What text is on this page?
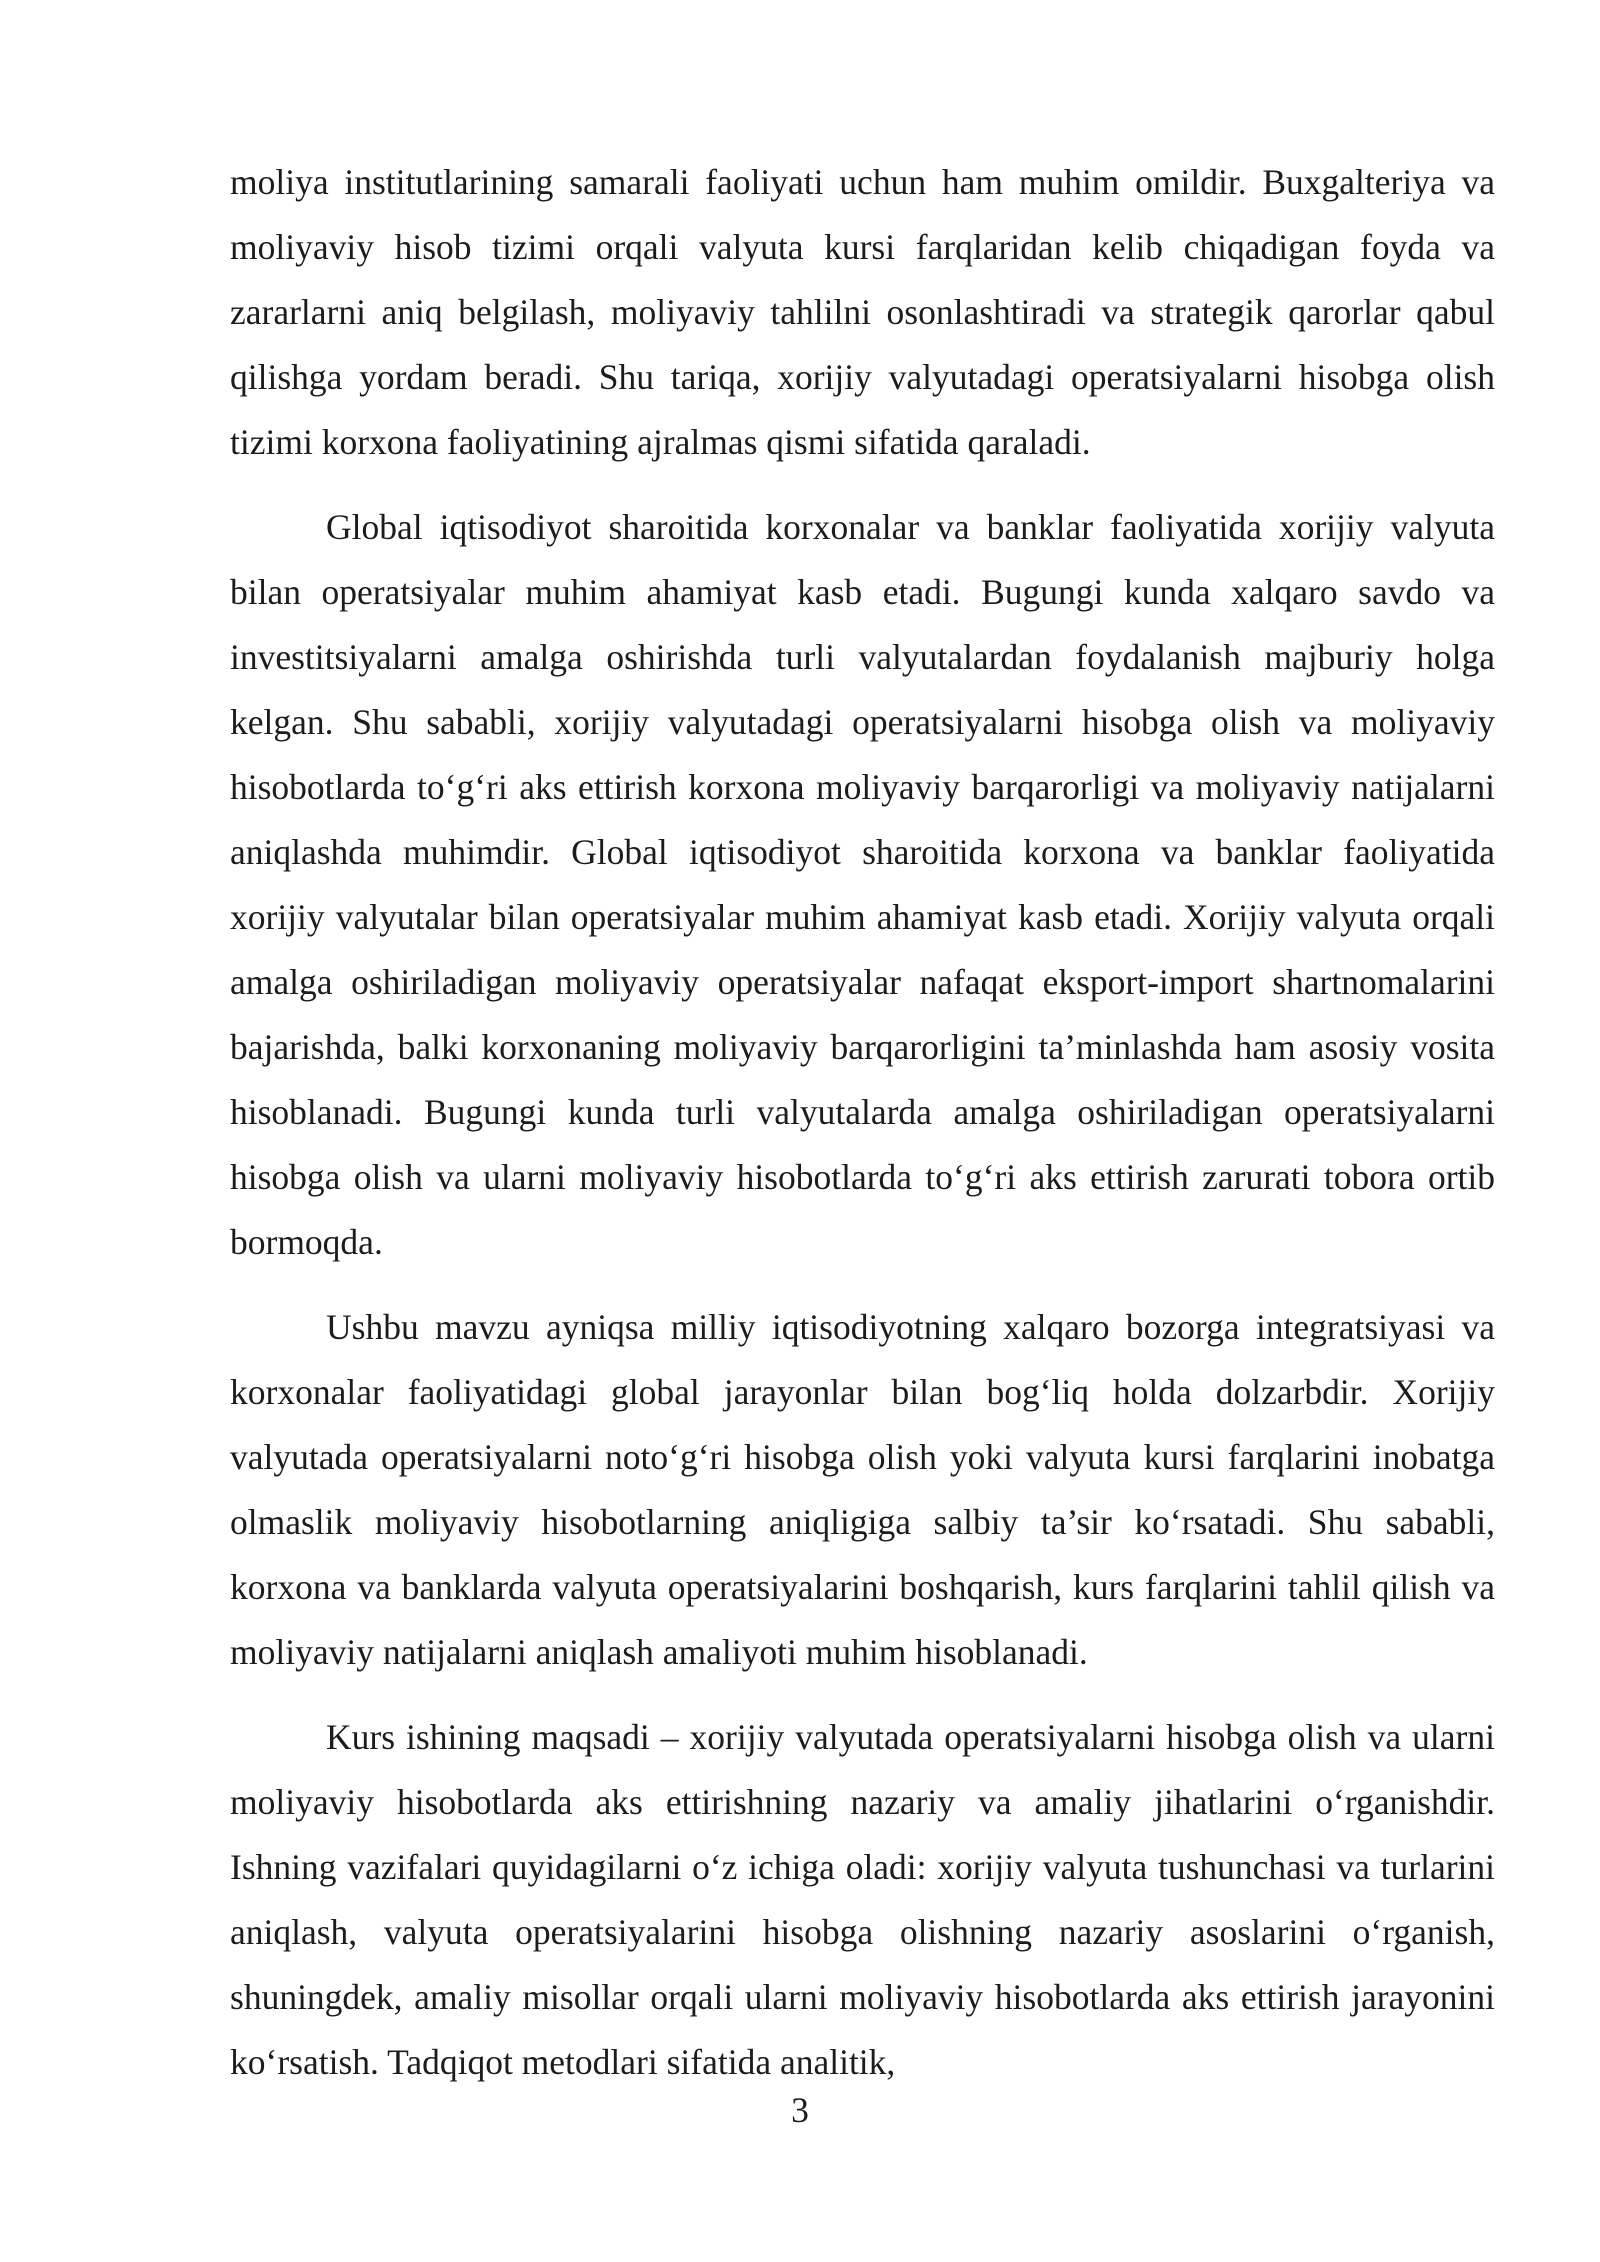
moliya institutlarining samarali faoliyati uchun ham muhim omildir. Buxgalteriya va moliyaviy hisob tizimi orqali valyuta kursi farqlaridan kelib chiqadigan foyda va zararlarni aniq belgilash, moliyaviy tahlilni osonlashtiradi va strategik qarorlar qabul qilishga yordam beradi. Shu tariqa, xorijiy valyutadagi operatsiyalarni hisobga olish tizimi korxona faoliyatining ajralmas qismi sifatida qaraladi.

Global iqtisodiyot sharoitida korxonalar va banklar faoliyatida xorijiy valyuta bilan operatsiyalar muhim ahamiyat kasb etadi. Bugungi kunda xalqaro savdo va investitsiyalarni amalga oshirishda turli valyutalardan foydalanish majburiy holga kelgan. Shu sababli, xorijiy valyutadagi operatsiyalarni hisobga olish va moliyaviy hisobotlarda to‘g‘ri aks ettirish korxona moliyaviy barqarorligi va moliyaviy natijalarni aniqlashda muhimdir. Global iqtisodiyot sharoitida korxona va banklar faoliyatida xorijiy valyutalar bilan operatsiyalar muhim ahamiyat kasb etadi. Xorijiy valyuta orqali amalga oshiriladigan moliyaviy operatsiyalar nafaqat eksport-import shartnomalarini bajarishda, balki korxonaning moliyaviy barqarorligini ta’minlashda ham asosiy vosita hisoblanadi. Bugungi kunda turli valyutalarda amalga oshiriladigan operatsiyalarni hisobga olish va ularni moliyaviy hisobotlarda to‘g‘ri aks ettirish zarurati tobora ortib bormoqda.

Ushbu mavzu ayniqsa milliy iqtisodiyotning xalqaro bozorga integratsiyasi va korxonalar faoliyatidagi global jarayonlar bilan bog‘liq holda dolzarbdir. Xorijiy valyutada operatsiyalarni noto‘g‘ri hisobga olish yoki valyuta kursi farqlarini inobatga olmaslik moliyaviy hisobotlarning aniqligiga salbiy ta’sir ko‘rsatadi. Shu sababli, korxona va banklarda valyuta operatsiyalarini boshqarish, kurs farqlarini tahlil qilish va moliyaviy natijalarni aniqlash amaliyoti muhim hisoblanadi.

Kurs ishining maqsadi – xorijiy valyutada operatsiyalarni hisobga olish va ularni moliyaviy hisobotlarda aks ettirishning nazariy va amaliy jihatlarini o‘rganishdir. Ishning vazifalari quyidagilarni o‘z ichiga oladi: xorijiy valyuta tushunchasi va turlarini aniqlash, valyuta operatsiyalarini hisobga olishning nazariy asoslarini o‘rganish, shuningdek, amaliy misollar orqali ularni moliyaviy hisobotlarda aks ettirish jarayonini ko‘rsatish. Tadqiqot metodlari sifatida analitik,

3
